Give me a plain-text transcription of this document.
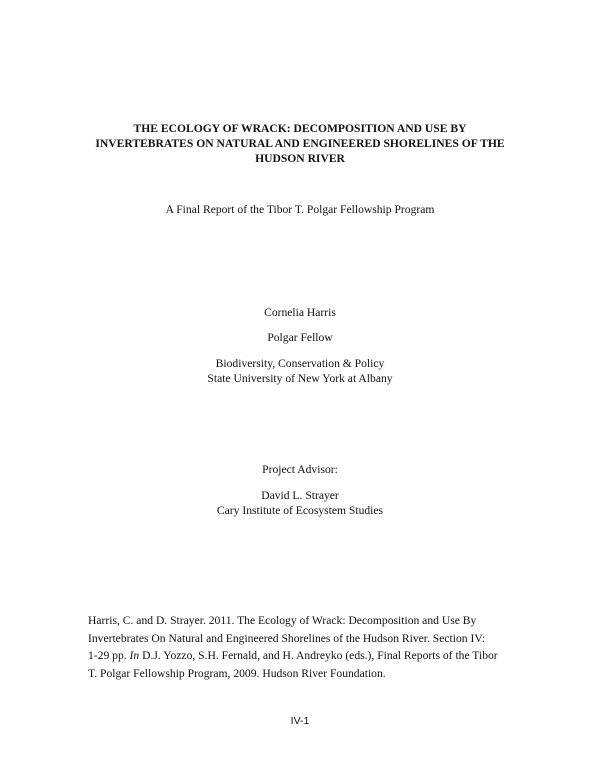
THE ECOLOGY OF WRACK: DECOMPOSITION AND USE BY
INVERTEBRATES ON NATURAL AND ENGINEERED SHORELINES OF THE
HUDSON RIVER

A Final Report of the Tibor T. Polgar Fellowship Program

Cornelia Harris

Polgar Fellow

Biodiversity, Conservation & Policy

State University of New York at Albany

Project Advisor:

David L. Strayer

Cary Institute of Ecosystem Studies

Harris, C. and D. Strayer. 2011. The Ecology of Wrack: Decomposition and Use By
Invertebrates On Natural and Engineered Shorelines of the Hudson River. Section IV:
1-29 pp. In D.J. Yozzo, S.H. Fernald, and H. Andreyko (eds.), Final Reports of the Tibor
T. Polgar Fellowship Program, 2009. Hudson River Foundation.

IV-1
